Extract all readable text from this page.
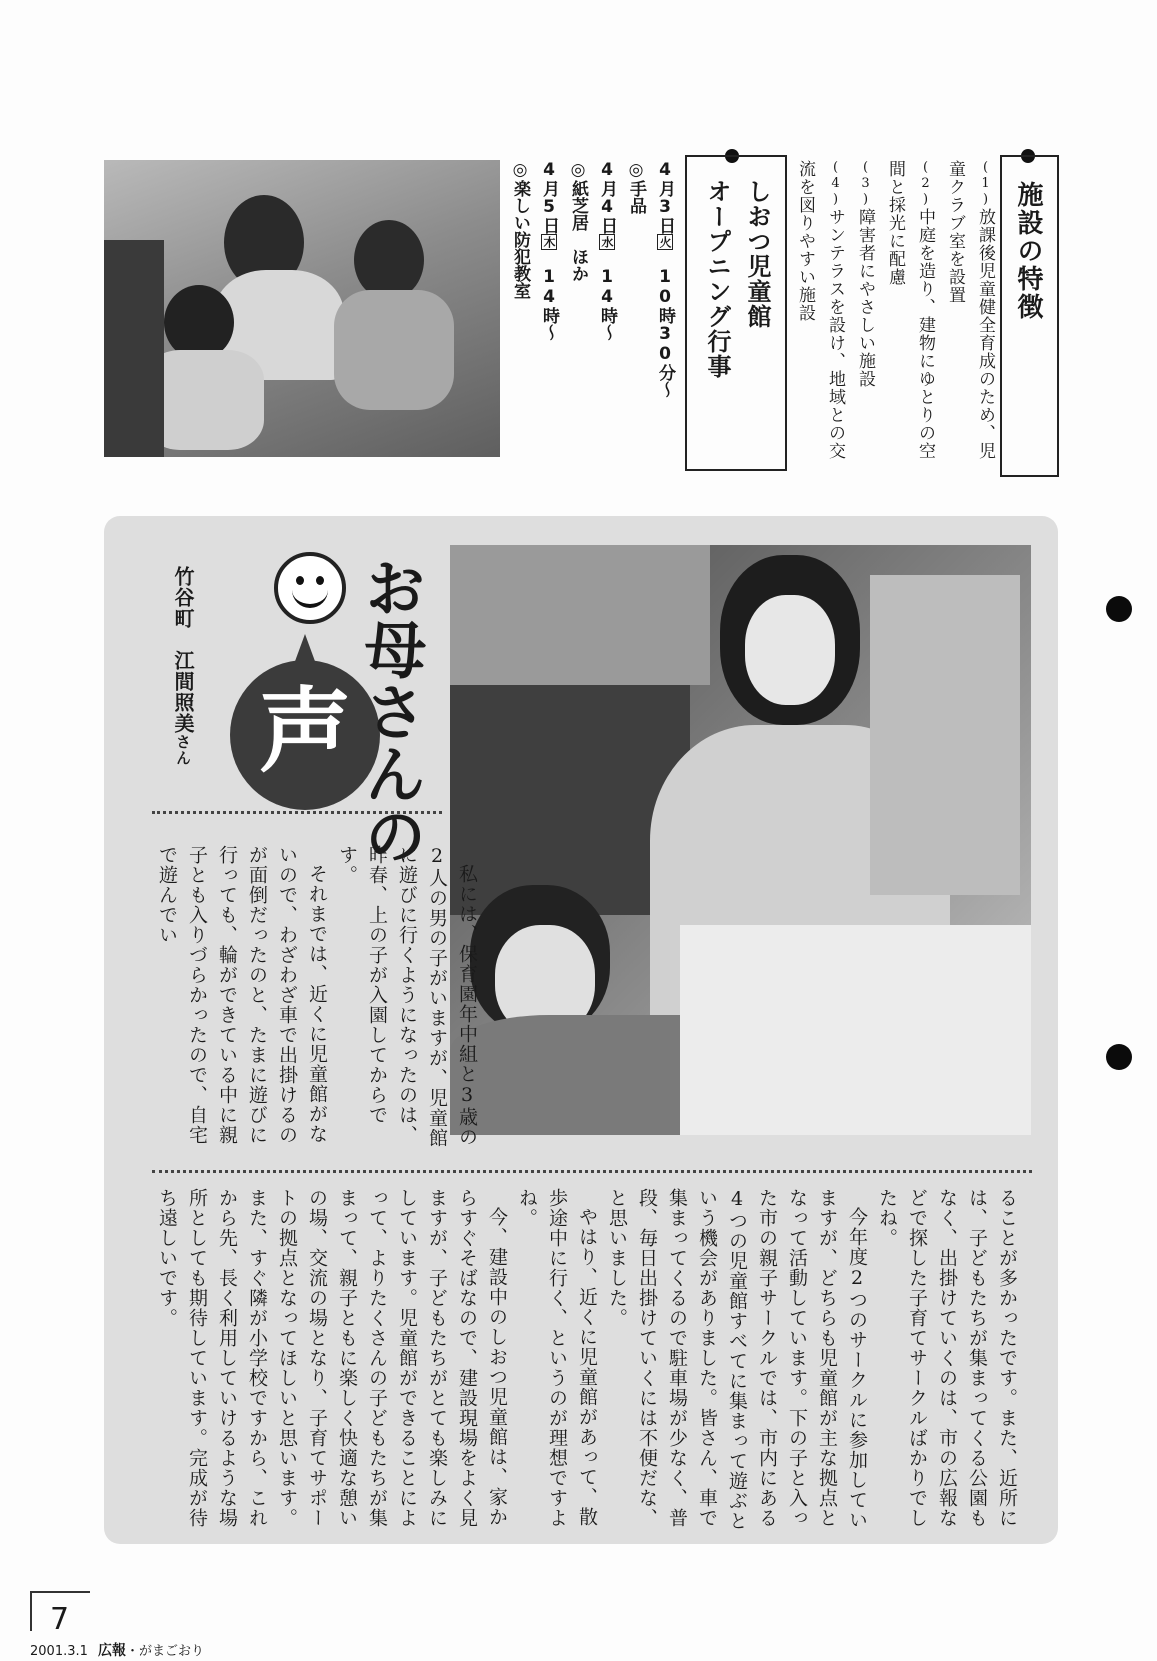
施設の特徴
(1)放課後児童健全育成のため、児童クラブ室を設置
(2)中庭を造り、建物にゆとりの空間と採光に配慮
(3)障害者にやさしい施設
(4)サンテラスを設け、地域との交流を図りやすい施設
しおつ児童館
オープニング行事
4月3日火　10時30分～
◎手品
4月4日水　14時～
◎紙芝居　ほか
4月5日木　14時～
◎楽しい防犯教室
声 お母さんの
竹谷町　江間照美さん

私には、保育園年中組と3歳の2人の男の子がいますが、児童館に遊びに行くようになったのは、昨春、上の子が入園してからです。

それまでは、近くに児童館がないので、わざわざ車で出掛けるのが面倒だったのと、たまに遊びに行っても、輪ができている中に親子とも入りづらかったので、自宅で遊んでい

ることが多かったです。また、近所には、子どもたちが集まってくる公園もなく、出掛けていくのは、市の広報などで探した子育てサークルばかりでしたね。

今年度2つのサークルに参加していますが、どちらも児童館が主な拠点となって活動しています。下の子と入った市の親子サークルでは、市内にある4つの児童館すべてに集まって遊ぶという機会がありました。皆さん、車で集まってくるので駐車場が少なく、普段、毎日出掛けていくには不便だな、と思いました。

やはり、近くに児童館があって、散歩途中に行く、というのが理想ですよね。

今、建設中のしおつ児童館は、家からすぐそばなので、建設現場をよく見ますが、子どもたちがとても楽しみにしています。児童館ができることによって、よりたくさんの子どもたちが集まって、親子ともに楽しく快適な憩いの場、交流の場となり、子育てサポートの拠点となってほしいと思います。また、すぐ隣が小学校ですから、これから先、長く利用していけるような場所としても期待しています。完成が待ち遠しいです。

7
2001.3.1 広報・がまごおり
